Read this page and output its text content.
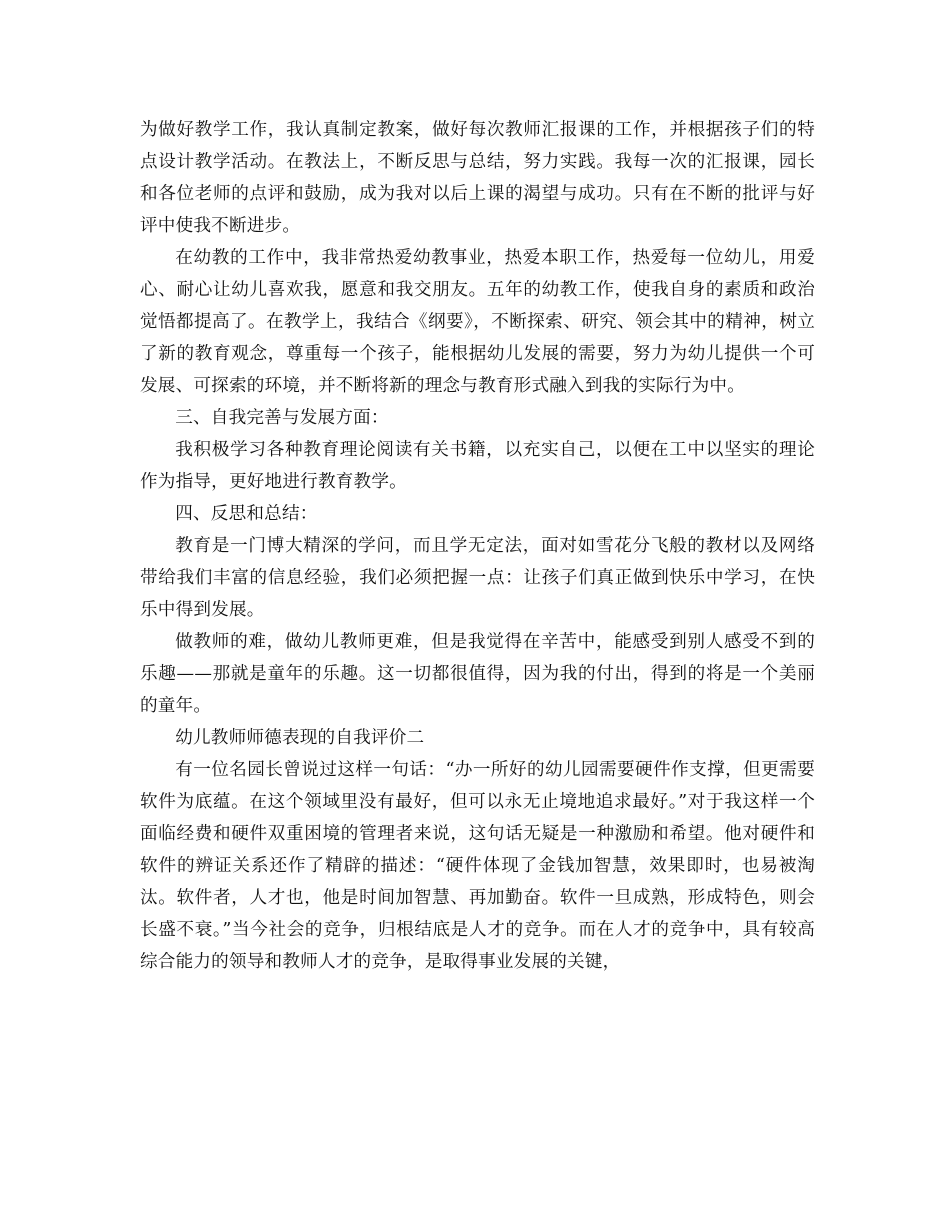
为做好教学工作，我认真制定教案，做好每次教师汇报课的工作，并根据孩子们的特点设计教学活动。在教法上，不断反思与总结，努力实践。我每一次的汇报课，园长和各位老师的点评和鼓励，成为我对以后上课的渴望与成功。只有在不断的批评与好评中使我不断进步。

在幼教的工作中，我非常热爱幼教事业，热爱本职工作，热爱每一位幼儿，用爱心、耐心让幼儿喜欢我，愿意和我交朋友。五年的幼教工作，使我自身的素质和政治觉悟都提高了。在教学上，我结合《纲要》，不断探索、研究、领会其中的精神，树立了新的教育观念，尊重每一个孩子，能根据幼儿发展的需要，努力为幼儿提供一个可发展、可探索的环境，并不断将新的理念与教育形式融入到我的实际行为中。

三、自我完善与发展方面：

我积极学习各种教育理论阅读有关书籍，以充实自己，以便在工中以坚实的理论作为指导，更好地进行教育教学。

四、反思和总结：

教育是一门博大精深的学问，而且学无定法，面对如雪花分飞般的教材以及网络带给我们丰富的信息经验，我们必须把握一点：让孩子们真正做到快乐中学习，在快乐中得到发展。

做教师的难，做幼儿教师更难，但是我觉得在辛苦中，能感受到别人感受不到的乐趣——那就是童年的乐趣。这一切都很值得，因为我的付出，得到的将是一个美丽的童年。

幼儿教师师德表现的自我评价二

有一位名园长曾说过这样一句话：“办一所好的幼儿园需要硬件作支撑，但更需要软件为底蕴。在这个领域里没有最好，但可以永无止境地追求最好。”对于我这样一个面临经费和硬件双重困境的管理者来说，这句话无疑是一种激励和希望。他对硬件和软件的辨证关系还作了精辟的描述：“硬件体现了金钱加智慧，效果即时，也易被淘汰。软件者，人才也，他是时间加智慧、再加勤奋。软件一旦成熟，形成特色，则会长盛不衰。”当今社会的竞争，归根结底是人才的竞争。而在人才的竞争中，具有较高综合能力的领导和教师人才的竞争，是取得事业发展的关键，
